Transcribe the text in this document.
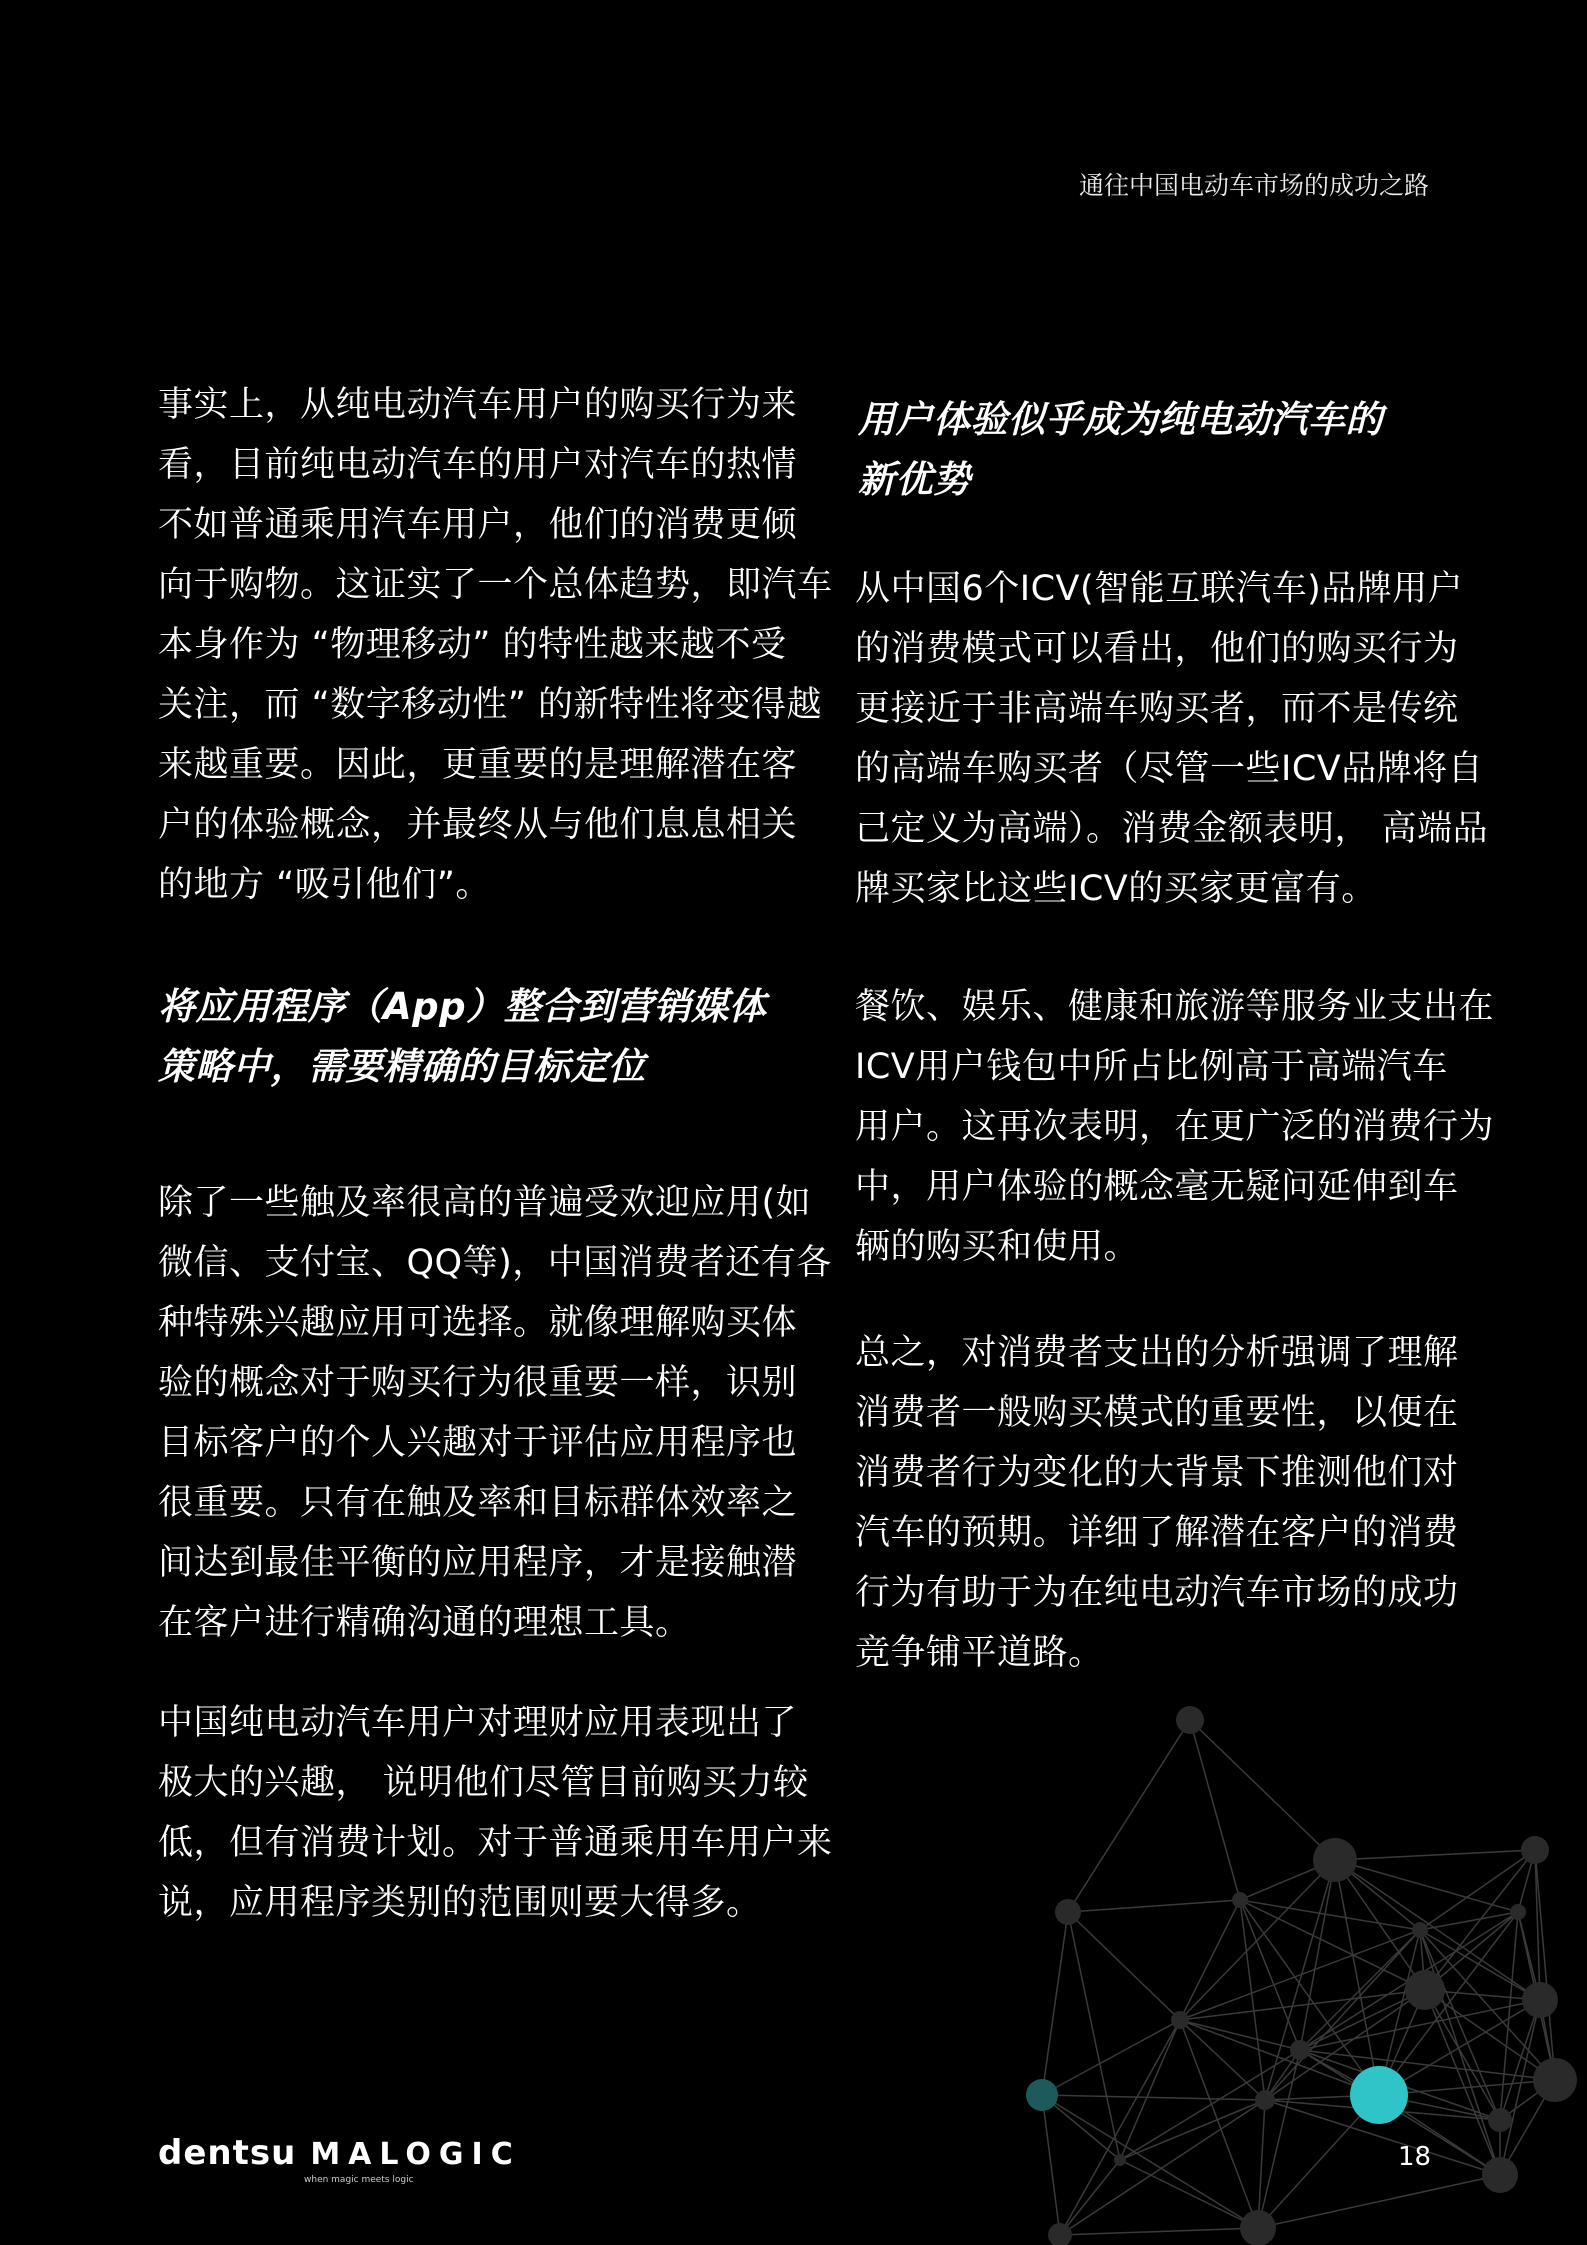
通往中国电动车市场的成功之路
事实上，从纯电动汽车用户的购买行为来
看，目前纯电动汽车的用户对汽车的热情
不如普通乘用汽车用户，他们的消费更倾
向于购物。这证实了一个总体趋势，即汽车
本身作为 “物理移动” 的特性越来越不受
关注，而 “数字移动性” 的新特性将变得越
来越重要。因此，更重要的是理解潜在客
户的体验概念，并最终从与他们息息相关
的地方 “吸引他们”。
将应用程序（App）整合到营销媒体
策略中，需要精确的目标定位
除了一些触及率很高的普遍受欢迎应用(如
微信、支付宝、QQ等)，中国消费者还有各
种特殊兴趣应用可选择。就像理解购买体
验的概念对于购买行为很重要一样，识别
目标客户的个人兴趣对于评估应用程序也
很重要。只有在触及率和目标群体效率之
间达到最佳平衡的应用程序，才是接触潜
在客户进行精确沟通的理想工具。
中国纯电动汽车用户对理财应用表现出了
极大的兴趣， 说明他们尽管目前购买力较
低，但有消费计划。对于普通乘用车用户来
说，应用程序类别的范围则要大得多。
用户体验似乎成为纯电动汽车的
新优势
从中国6个ICV(智能互联汽车)品牌用户
的消费模式可以看出，他们的购买行为
更接近于非高端车购买者，而不是传统
的高端车购买者（尽管一些ICV品牌将自
己定义为高端）。消费金额表明， 高端品
牌买家比这些ICV的买家更富有。
餐饮、娱乐、健康和旅游等服务业支出在
ICV用户钱包中所占比例高于高端汽车
用户。这再次表明，在更广泛的消费行为
中，用户体验的概念毫无疑问延伸到车
辆的购买和使用。
总之，对消费者支出的分析强调了理解
消费者一般购买模式的重要性，以便在
消费者行为变化的大背景下推测他们对
汽车的预期。详细了解潜在客户的消费
行为有助于为在纯电动汽车市场的成功
竞争铺平道路。
dentsu MALOGIC
when magic meets logic
18
